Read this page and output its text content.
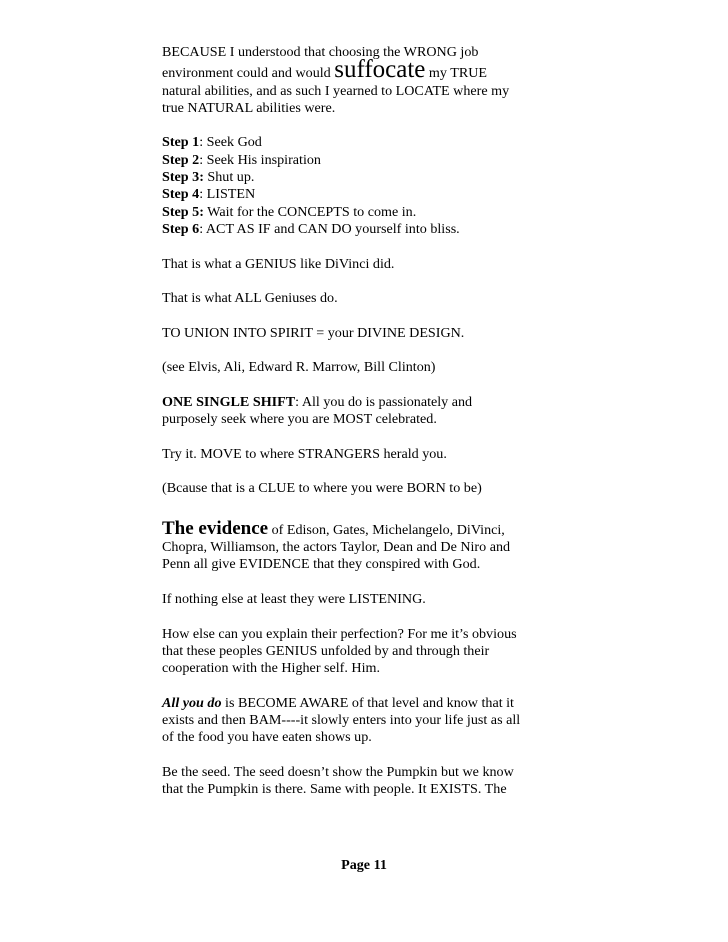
BECAUSE I understood that choosing the WRONG job
environment could and would suffocate my TRUE
natural abilities, and as such I yearned to LOCATE where my
true NATURAL abilities were.

Step 1: Seek God
Step 2: Seek His inspiration
Step 3: Shut up.
Step 4: LISTEN
Step 5: Wait for the CONCEPTS to come in.
Step 6: ACT AS IF and CAN DO yourself into bliss.

That is what a GENIUS like DiVinci did.

That is what ALL Geniuses do.

TO UNION INTO SPIRIT = your DIVINE DESIGN.

(see Elvis, Ali, Edward R. Marrow, Bill Clinton)

ONE SINGLE SHIFT: All you do is passionately and
purposely seek where you are MOST celebrated.

Try it. MOVE to where STRANGERS herald you.

(Bcause that is a CLUE to where you were BORN to be)

The evidence of Edison, Gates, Michelangelo, DiVinci,
Chopra, Williamson, the actors Taylor, Dean and De Niro and
Penn all give EVIDENCE that they conspired with God.

If nothing else at least they were LISTENING.

How else can you explain their perfection? For me it’s obvious
that these peoples GENIUS unfolded by and through their
cooperation with the Higher self. Him.

All you do is BECOME AWARE of that level and know that it
exists and then BAM----it slowly enters into your life just as all
of the food you have eaten shows up.

Be the seed. The seed doesn’t show the Pumpkin but we know
that the Pumpkin is there. Same with people. It EXISTS. The

Page 11
